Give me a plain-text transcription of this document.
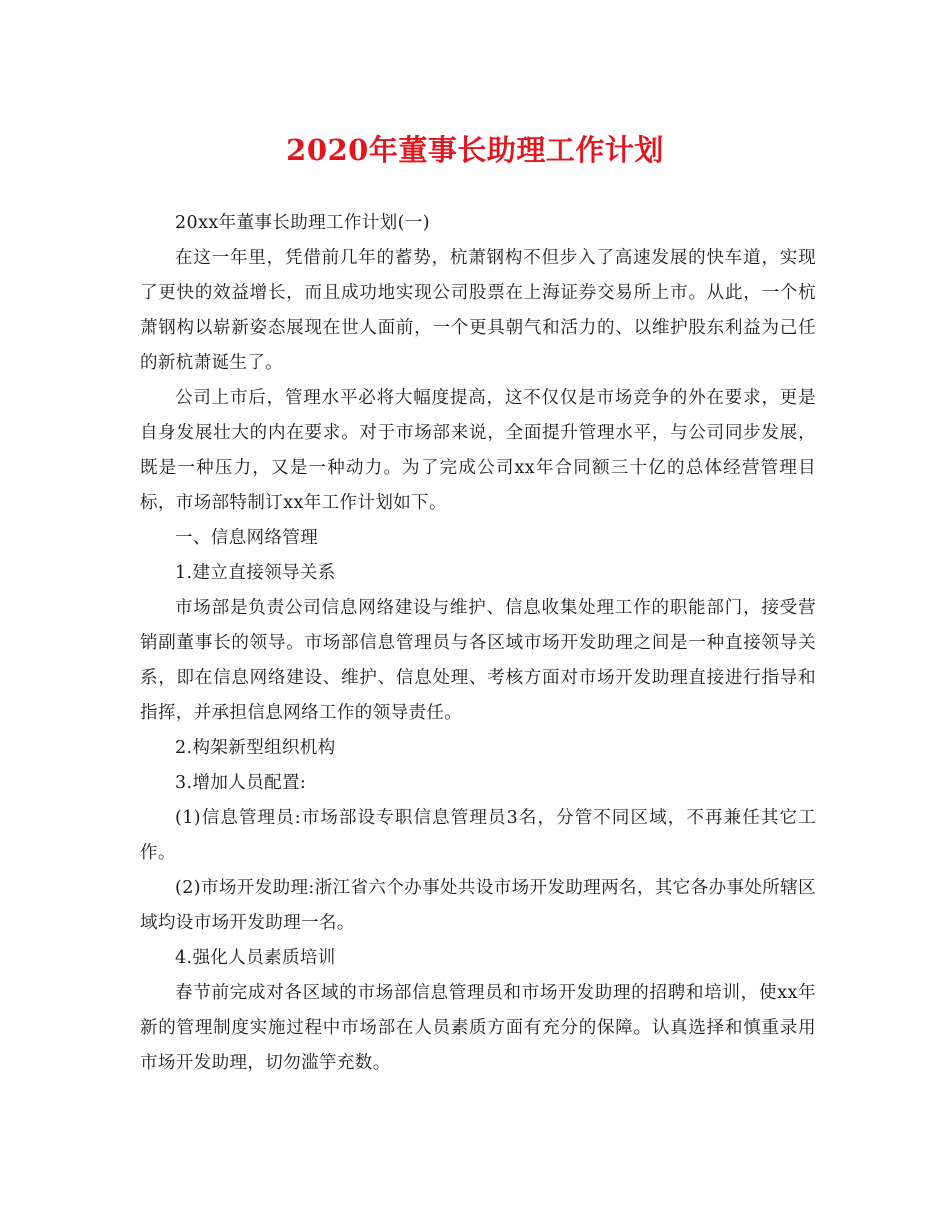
2020年董事长助理工作计划

20xx年董事长助理工作计划(一)

在这一年里，凭借前几年的蓄势，杭萧钢构不但步入了高速发展的快车道，实现了更快的效益增长，而且成功地实现公司股票在上海证券交易所上市。从此，一个杭萧钢构以崭新姿态展现在世人面前，一个更具朝气和活力的、以维护股东利益为己任的新杭萧诞生了。

公司上市后，管理水平必将大幅度提高，这不仅仅是市场竞争的外在要求，更是自身发展壮大的内在要求。对于市场部来说，全面提升管理水平，与公司同步发展，既是一种压力，又是一种动力。为了完成公司xx年合同额三十亿的总体经营管理目标，市场部特制订xx年工作计划如下。

一、信息网络管理

1.建立直接领导关系

市场部是负责公司信息网络建设与维护、信息收集处理工作的职能部门，接受营销副董事长的领导。市场部信息管理员与各区域市场开发助理之间是一种直接领导关系，即在信息网络建设、维护、信息处理、考核方面对市场开发助理直接进行指导和指挥，并承担信息网络工作的领导责任。

2.构架新型组织机构

3.增加人员配置:

(1)信息管理员:市场部设专职信息管理员3名，分管不同区域，不再兼任其它工作。

(2)市场开发助理:浙江省六个办事处共设市场开发助理两名，其它各办事处所辖区域均设市场开发助理一名。

4.强化人员素质培训

春节前完成对各区域的市场部信息管理员和市场开发助理的招聘和培训，使xx年新的管理制度实施过程中市场部在人员素质方面有充分的保障。认真选择和慎重录用市场开发助理，切勿滥竽充数。
